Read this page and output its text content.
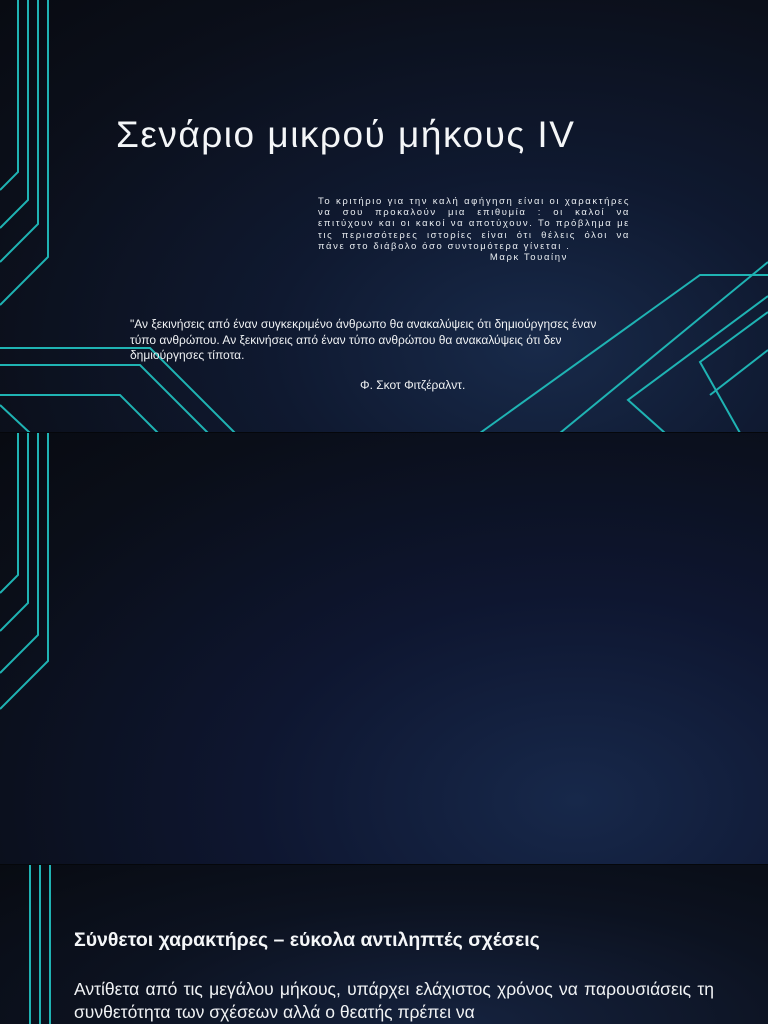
Σενάριο μικρού μήκους IV
Το κριτήριο για την καλή αφήγηση είναι οι χαρακτήρες να σου προκαλούν μια επιθυμία : οι καλοί να επιτύχουν και οι κακοί να αποτύχουν. Το πρόβλημα με τις περισσότερες ιστορίες είναι ότι θέλεις όλοι να πάνε στο διάβολο όσο συντομότερα γίνεται .
Μαρκ Τουαίην
"Αν ξεκινήσεις από έναν συγκεκριμένο άνθρωπο θα ανακαλύψεις ότι δημιούργησες έναν τύπο ανθρώπου. Αν ξεκινήσεις από έναν τύπο ανθρώπου θα ανακαλύψεις ότι δεν δημιούργησες τίποτα.
Φ. Σκοτ Φιτζέραλντ.
Σύνθετοι χαρακτήρες – εύκολα αντιληπτές σχέσεις
Αντίθετα από τις μεγάλου μήκους, υπάρχει ελάχιστος χρόνος να παρουσιάσεις τη συνθετότητα των σχέσεων αλλά ο θεατής πρέπει να
